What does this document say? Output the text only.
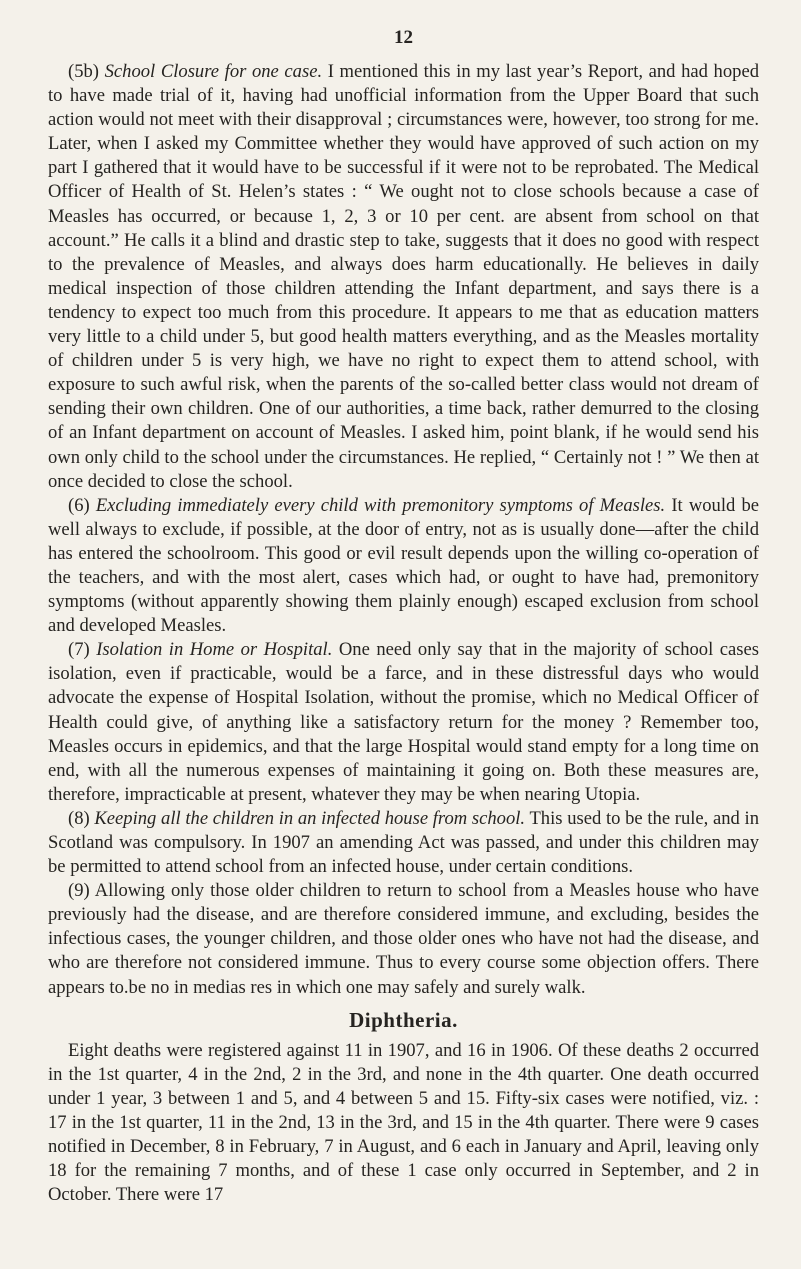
12

(5b) School Closure for one case. I mentioned this in my last year’s Report, and had hoped to have made trial of it, having had unofficial information from the Upper Board that such action would not meet with their disapproval ; circumstances were, however, too strong for me. Later, when I asked my Committee whether they would have approved of such action on my part I gathered that it would have to be successful if it were not to be reprobated. The Medical Officer of Health of St. Helen’s states : “ We ought not to close schools because a case of Measles has occurred, or because 1, 2, 3 or 10 per cent. are absent from school on that account.” He calls it a blind and drastic step to take, suggests that it does no good with respect to the prevalence of Measles, and always does harm educationally. He believes in daily medical inspection of those children attending the Infant department, and says there is a tendency to expect too much from this procedure. It appears to me that as education matters very little to a child under 5, but good health matters everything, and as the Measles mortality of children under 5 is very high, we have no right to expect them to attend school, with exposure to such awful risk, when the parents of the so-called better class would not dream of sending their own children. One of our authorities, a time back, rather demurred to the closing of an Infant department on account of Measles. I asked him, point blank, if he would send his own only child to the school under the circumstances. He replied, “ Certainly not ! ” We then at once decided to close the school.

(6) Excluding immediately every child with premonitory symptoms of Measles. It would be well always to exclude, if possible, at the door of entry, not as is usually done—after the child has entered the schoolroom. This good or evil result depends upon the willing co-operation of the teachers, and with the most alert, cases which had, or ought to have had, premonitory symptoms (without apparently showing them plainly enough) escaped exclusion from school and developed Measles.

(7) Isolation in Home or Hospital. One need only say that in the majority of school cases isolation, even if practicable, would be a farce, and in these distressful days who would advocate the expense of Hospital Isolation, without the promise, which no Medical Officer of Health could give, of anything like a satisfactory return for the money ? Remember too, Measles occurs in epidemics, and that the large Hospital would stand empty for a long time on end, with all the numerous expenses of maintaining it going on. Both these measures are, therefore, impracticable at present, whatever they may be when nearing Utopia.

(8) Keeping all the children in an infected house from school. This used to be the rule, and in Scotland was compulsory. In 1907 an amending Act was passed, and under this children may be permitted to attend school from an infected house, under certain conditions.

(9) Allowing only those older children to return to school from a Measles house who have previously had the disease, and are therefore considered immune, and excluding, besides the infectious cases, the younger children, and those older ones who have not had the disease, and who are therefore not considered immune. Thus to every course some objection offers. There appears to.be no in medias res in which one may safely and surely walk.

Diphtheria.

Eight deaths were registered against 11 in 1907, and 16 in 1906. Of these deaths 2 occurred in the 1st quarter, 4 in the 2nd, 2 in the 3rd, and none in the 4th quarter. One death occurred under 1 year, 3 between 1 and 5, and 4 between 5 and 15. Fifty-six cases were notified, viz. : 17 in the 1st quarter, 11 in the 2nd, 13 in the 3rd, and 15 in the 4th quarter. There were 9 cases notified in December, 8 in February, 7 in August, and 6 each in January and April, leaving only 18 for the remaining 7 months, and of these 1 case only occurred in September, and 2 in October. There were 17
